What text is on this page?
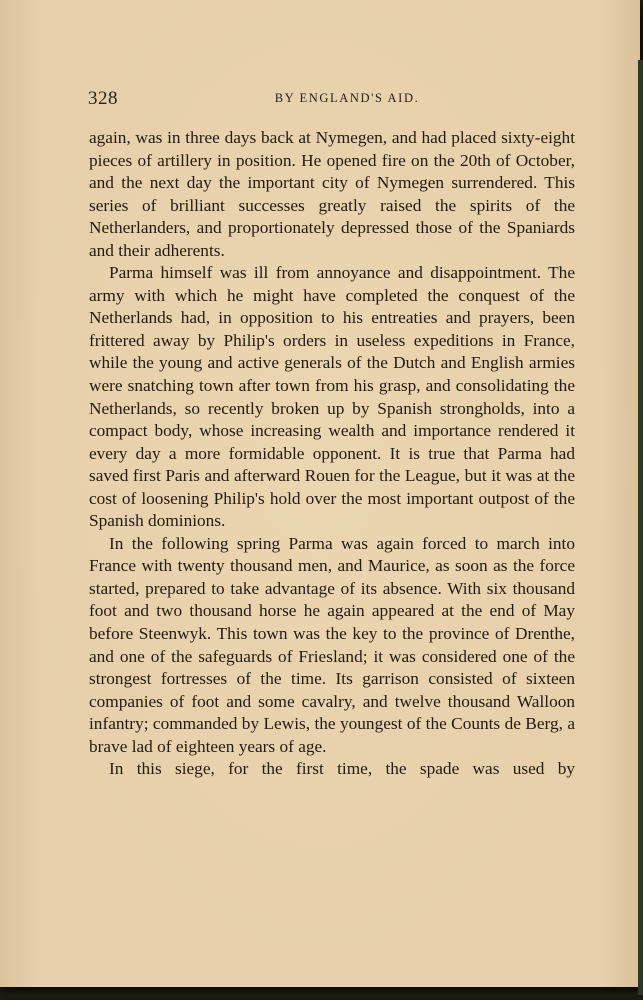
328	BY ENGLAND'S AID.

again, was in three days back at Nymegen, and had placed sixty-eight pieces of artillery in position. He opened fire on the 20th of October, and the next day the important city of Nymegen surrendered. This series of brilliant successes greatly raised the spirits of the Netherlanders, and proportionately depressed those of the Spaniards and their adherents.

Parma himself was ill from annoyance and disappointment. The army with which he might have completed the conquest of the Netherlands had, in opposition to his entreaties and prayers, been frittered away by Philip's orders in useless expeditions in France, while the young and active generals of the Dutch and English armies were snatching town after town from his grasp, and consolidating the Netherlands, so recently broken up by Spanish strongholds, into a compact body, whose increasing wealth and importance rendered it every day a more formidable opponent. It is true that Parma had saved first Paris and afterward Rouen for the League, but it was at the cost of loosening Philip's hold over the most important outpost of the Spanish dominions.

In the following spring Parma was again forced to march into France with twenty thousand men, and Maurice, as soon as the force started, prepared to take advantage of its absence. With six thousand foot and two thousand horse he again appeared at the end of May before Steenwyk. This town was the key to the province of Drenthe, and one of the safeguards of Friesland; it was considered one of the strongest fortresses of the time. Its garrison consisted of sixteen companies of foot and some cavalry, and twelve thousand Walloon infantry; commanded by Lewis, the youngest of the Counts de Berg, a brave lad of eighteen years of age.

In this siege, for the first time, the spade was used by
